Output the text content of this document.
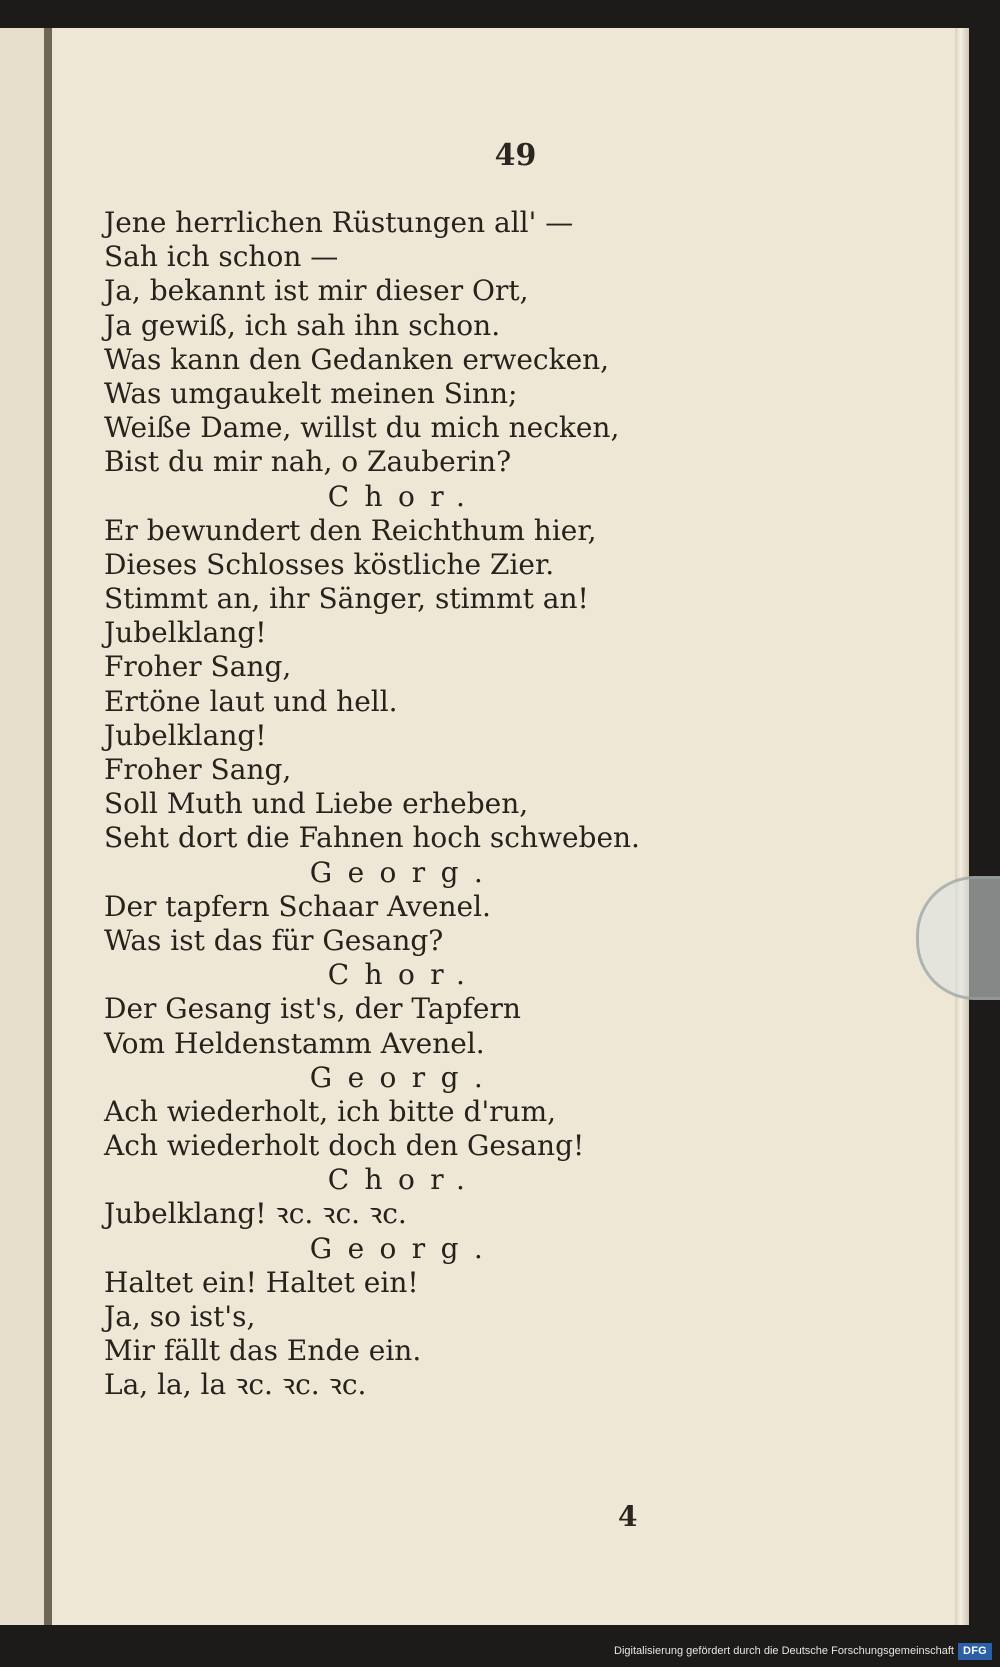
49
Jene herrlichen Rüstungen all' —
Sah ich schon —
Ja, bekannt ist mir dieser Ort,
Ja gewiß, ich sah ihn schon.
Was kann den Gedanken erwecken,
Was umgaukelt meinen Sinn;
Weiße Dame, willst du mich necken,
Bist du mir nah, o Zauberin?
Chor.
Er bewundert den Reichthum hier,
Dieses Schlosses köstliche Zier.
Stimmt an, ihr Sänger, stimmt an!
Jubelklang!
Froher Sang,
Ertöne laut und hell.
Jubelklang!
Froher Sang,
Soll Muth und Liebe erheben,
Seht dort die Fahnen hoch schweben.
Georg.
Der tapfern Schaar Avenel.
Was ist das für Gesang?
Chor.
Der Gesang ist's, der Tapfern
Vom Heldenstamm Avenel.
Georg.
Ach wiederholt, ich bitte d'rum,
Ach wiederholt doch den Gesang!
Chor.
Jubelklang! ꝛc. ꝛc. ꝛc.
Georg.
Haltet ein! Haltet ein!
Ja, so ist's,
Mir fällt das Ende ein.
La, la, la ꝛc. ꝛc. ꝛc.
4
Digitalisierung gefördert durch die Deutsche Forschungsgemeinschaft DFG
